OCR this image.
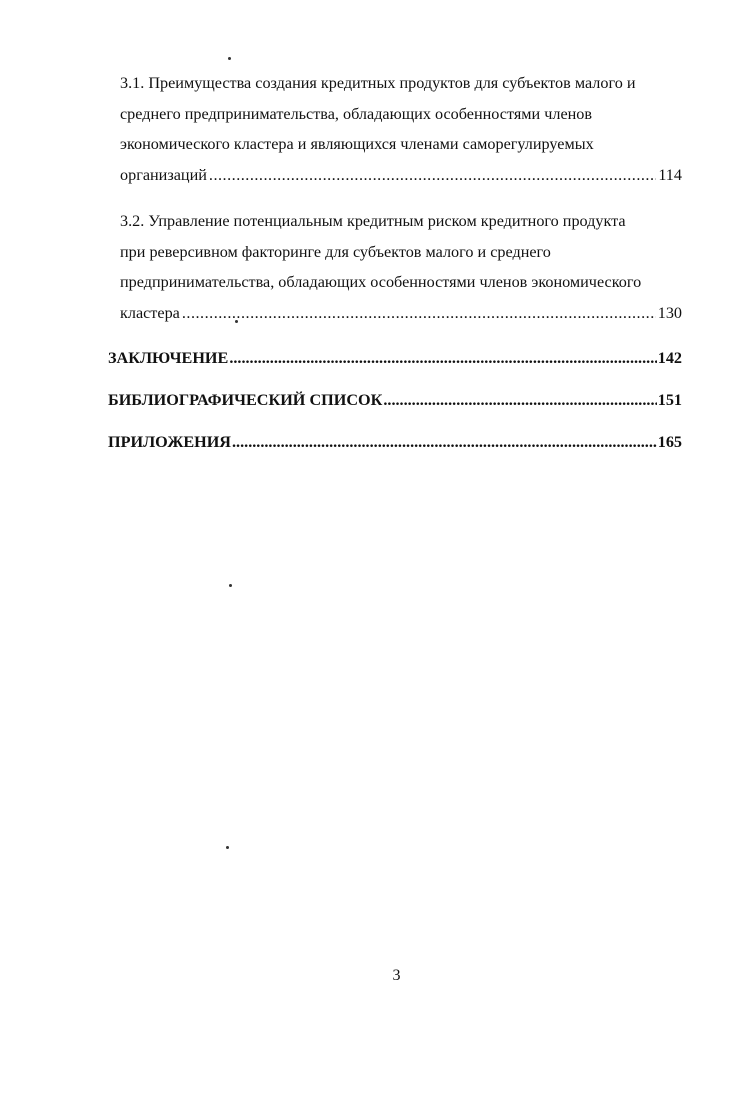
3.1. Преимущества создания кредитных продуктов для субъектов малого и
среднего предпринимательства, обладающих особенностями членов
экономического кластера и являющихся членами саморегулируемых
организаций .....	114
3.2. Управление потенциальным кредитным риском кредитного продукта
при реверсивном факторинге для субъектов малого и среднего
предпринимательства, обладающих особенностями членов экономического
кластера .....	130
ЗАКЛЮЧЕНИЕ .....	142
БИБЛИОГРАФИЧЕСКИЙ СПИСОК .....	151
ПРИЛОЖЕНИЯ .....	165
3
